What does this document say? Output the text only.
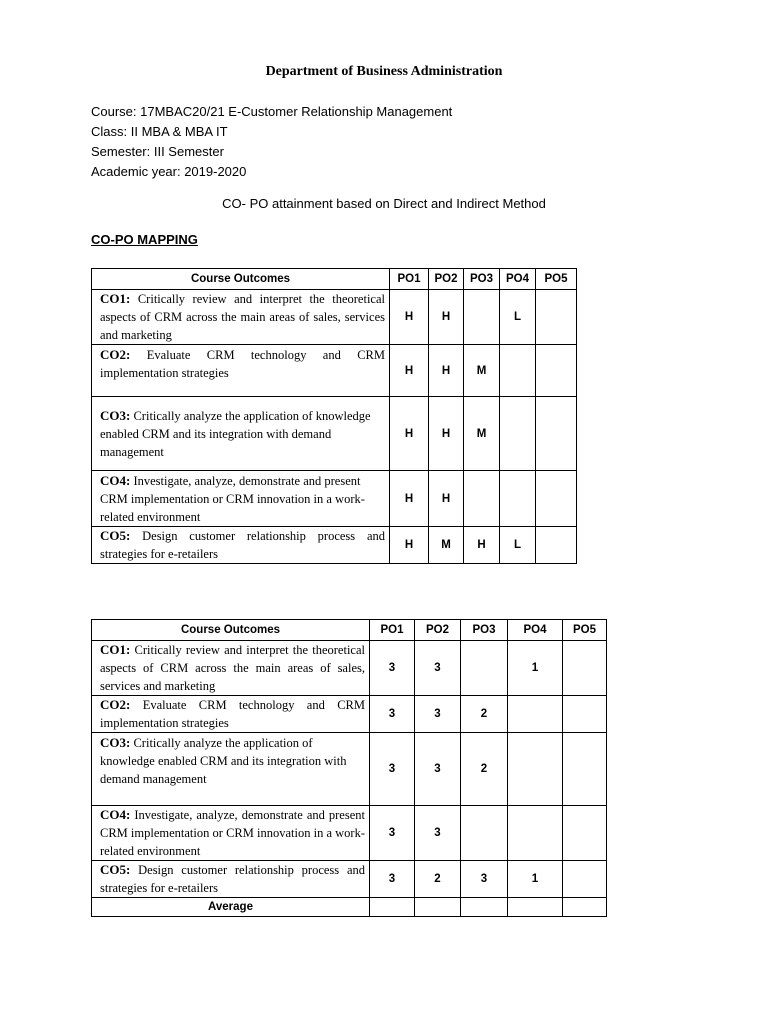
Department of Business Administration
Course: 17MBAC20/21 E-Customer Relationship Management
Class: II MBA & MBA IT
Semester: III Semester
Academic year: 2019-2020
CO- PO attainment based on Direct and Indirect Method
CO-PO MAPPING
Course Outcomes	PO1	PO2	PO3	PO4	PO5
CO1: Critically review and interpret the theoretical aspects of CRM across the main areas of sales, services and marketing	H	H		L	
CO2: Evaluate CRM technology and CRM implementation strategies	H	H	M		
CO3: Critically analyze the application of knowledge enabled CRM and its integration with demand management	H	H	M		
CO4: Investigate, analyze, demonstrate and present CRM implementation or CRM innovation in a work-related environment	H	H			
CO5: Design customer relationship process and strategies for e-retailers	H	M	H	L	
Course Outcomes	PO1	PO2	PO3	PO4	PO5
CO1: Critically review and interpret the theoretical aspects of CRM across the main areas of sales, services and marketing	3	3		1	
CO2: Evaluate CRM technology and CRM implementation strategies	3	3	2		
CO3: Critically analyze the application of knowledge enabled CRM and its integration with demand management	3	3	2		
CO4: Investigate, analyze, demonstrate and present CRM implementation or CRM innovation in a work-related environment	3	3			
CO5: Design customer relationship process and strategies for e-retailers	3	2	3	1	
Average					
